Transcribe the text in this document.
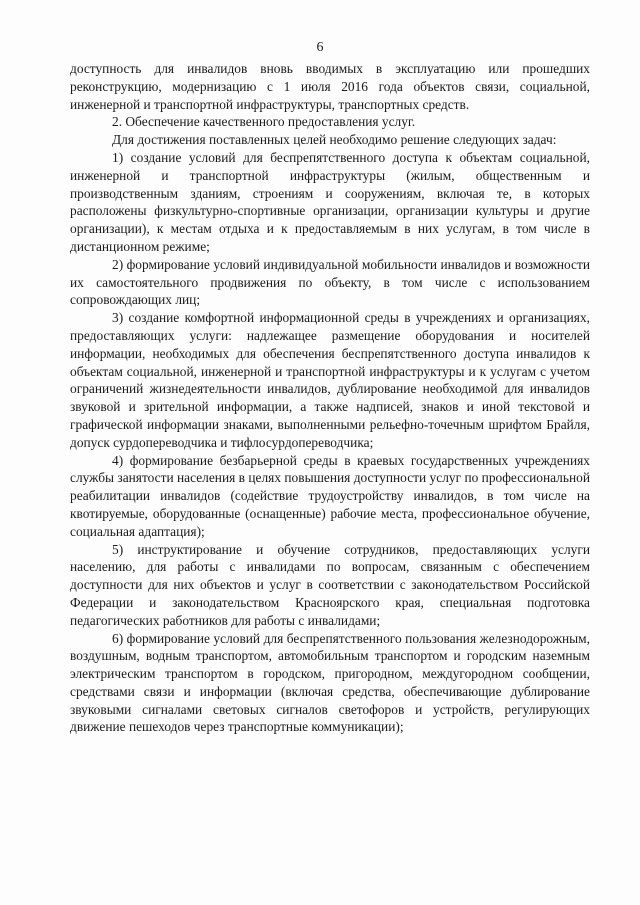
6

доступность для инвалидов вновь вводимых в эксплуатацию или прошедших реконструкцию, модернизацию с 1 июля 2016 года объектов связи, социальной, инженерной и транспортной инфраструктуры, транспортных средств.

2. Обеспечение качественного предоставления услуг.

Для достижения поставленных целей необходимо решение следующих задач:

1) создание условий для беспрепятственного доступа к объектам социальной, инженерной и транспортной инфраструктуры (жилым, общественным и производственным зданиям, строениям и сооружениям, включая те, в которых расположены физкультурно-спортивные организации, организации культуры и другие организации), к местам отдыха и к предоставляемым в них услугам, в том числе в дистанционном режиме;

2) формирование условий индивидуальной мобильности инвалидов и возможности их самостоятельного продвижения по объекту, в том числе с использованием сопровождающих лиц;

3) создание комфортной информационной среды в учреждениях и организациях, предоставляющих услуги: надлежащее размещение оборудования и носителей информации, необходимых для обеспечения беспрепятственного доступа инвалидов к объектам социальной, инженерной и транспортной инфраструктуры и к услугам с учетом ограничений жизнедеятельности инвалидов, дублирование необходимой для инвалидов звуковой и зрительной информации, а также надписей, знаков и иной текстовой и графической информации знаками, выполненными рельефно-точечным шрифтом Брайля, допуск сурдопереводчика и тифлосурдопереводчика;

4) формирование безбарьерной среды в краевых государственных учреждениях службы занятости населения в целях повышения доступности услуг по профессиональной реабилитации инвалидов (содействие трудоустройству инвалидов, в том числе на квотируемые, оборудованные (оснащенные) рабочие места, профессиональное обучение, социальная адаптация);

5) инструктирование и обучение сотрудников, предоставляющих услуги населению, для работы с инвалидами по вопросам, связанным с обеспечением доступности для них объектов и услуг в соответствии с законодательством Российской Федерации и законодательством Красноярского края, специальная подготовка педагогических работников для работы с инвалидами;

6) формирование условий для беспрепятственного пользования железнодорожным, воздушным, водным транспортом, автомобильным транспортом и городским наземным электрическим транспортом в городском, пригородном, междугородном сообщении, средствами связи и информации (включая средства, обеспечивающие дублирование звуковыми сигналами световых сигналов светофоров и устройств, регулирующих движение пешеходов через транспортные коммуникации);
